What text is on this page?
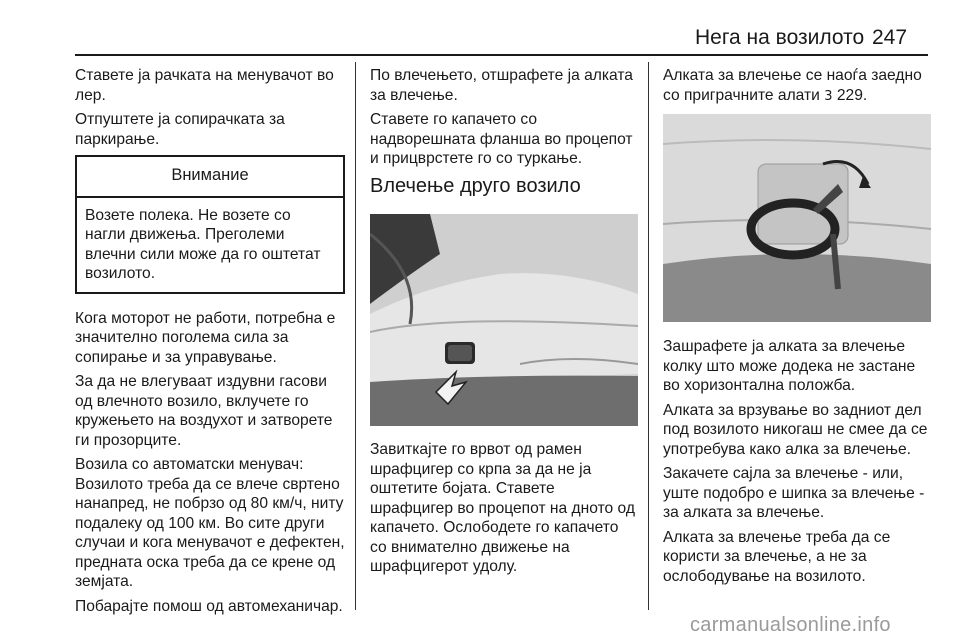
Нега на возилото 247

Ставете ја рачката на менувачот во лер.

Отпуштете ја сопирачката за паркирање.

Внимание
Возете полека. Не возете со нагли движења. Преголеми влечни сили може да го оштетат возилото.

Кога моторот не работи, потребна е значително поголема сила за сопирање и за управување.

За да не влегуваат издувни гасови од влечното возило, вклучете го кружењето на воздухот и затворете ги прозорците.

Возила со автоматски менувач: Возилото треба да се влече свртено нанапред, не побрзо од 80 км/ч, ниту подалеку од 100 км. Во сите други случаи и кога менувачот е дефектен, предната оска треба да се крене од земјата.

Побарајте помош од автомеханичар.

По влечењето, отшрафете ја алката за влечење.

Ставете го капачето со надворешната фланша во процепот и прицврстете го со туркање.

Влечење друго возило

Завиткајте го врвот од рамен шрафцигер со крпа за да не ја оштетите бојата. Ставете шрафцигер во процепот на дното од капачето. Ослободете го капачето со внимателно движење на шрафцигерот удолу.

Алката за влечење се наоѓа заедно со приграчните алати 3 229.

Зашрафете ја алката за влечење колку што може додека не застане во хоризонтална положба.

Алката за врзување во задниот дел под возилото никогаш не смее да се употребува како алка за влечење.

Закачете сајла за влечење - или, уште подобро е шипка за влечење - за алката за влечење.

Алката за влечење треба да се користи за влечење, а не за ослободување на возилото.

carmanualsonline.info
